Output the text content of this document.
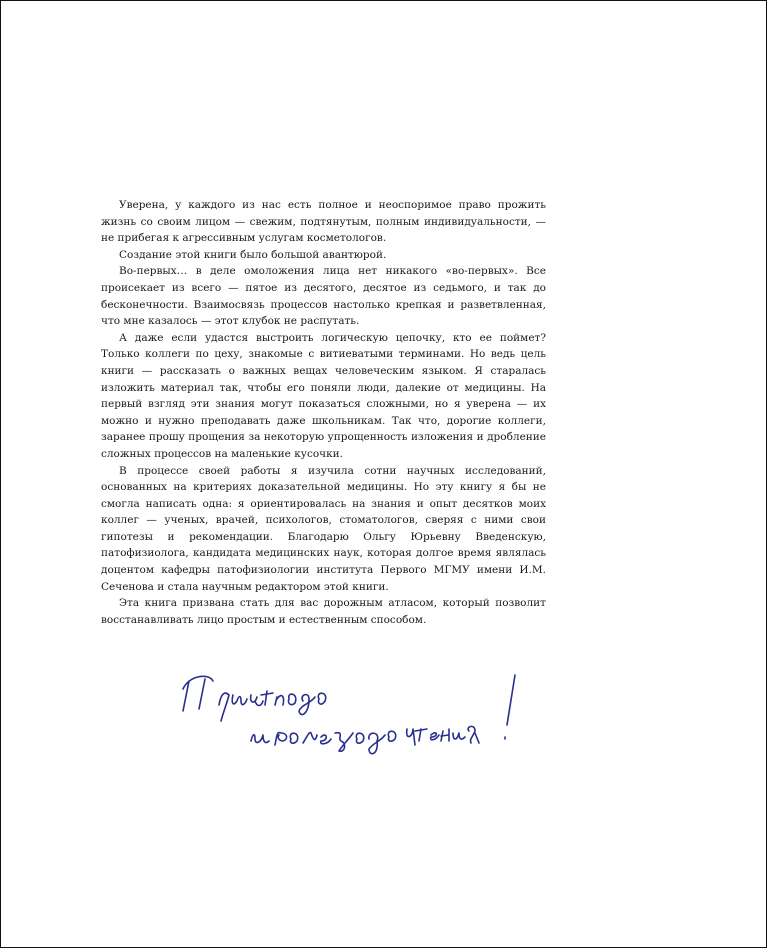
Уверена, у каждого из нас есть полное и неоспоримое право прожить жизнь со своим лицом — свежим, подтянутым, полным индивидуальности, — не прибегая к агрессивным услугам косметологов.

Создание этой книги было большой авантюрой.

Во-первых… в деле омоложения лица нет никакого «во-первых». Все происекает из всего — пятое из десятого, десятое из седьмого, и так до бесконечности. Взаимосвязь процессов настолько крепкая и разветвленная, что мне казалось — этот клубок не распутать.

А даже если удастся выстроить логическую цепочку, кто ее поймет? Только коллеги по цеху, знакомые с витиеватыми терминами. Но ведь цель книги — рассказать о важных вещах человеческим языком. Я старалась изложить материал так, чтобы его поняли люди, далекие от медицины. На первый взгляд эти знания могут показаться сложными, но я уверена — их можно и нужно преподавать даже школьникам. Так что, дорогие коллеги, заранее прошу прощения за некоторую упрощенность изложения и дробление сложных процессов на маленькие кусочки.

В процессе своей работы я изучила сотни научных исследований, основанных на критериях доказательной медицины. Но эту книгу я бы не смогла написать одна: я ориентировалась на знания и опыт десятков моих коллег — ученых, врачей, психологов, стоматологов, сверяя с ними свои гипотезы и рекомендации. Благодарю Ольгу Юрьевну Введенскую, патофизиолога, кандидата медицинских наук, которая долгое время являлась доцентом кафедры патофизиологии института Первого МГМУ имени И.М. Сеченова и стала научным редактором этой книги.

Эта книга призвана стать для вас дорожным атласом, который позволит восстанавливать лицо простым и естественным способом.
